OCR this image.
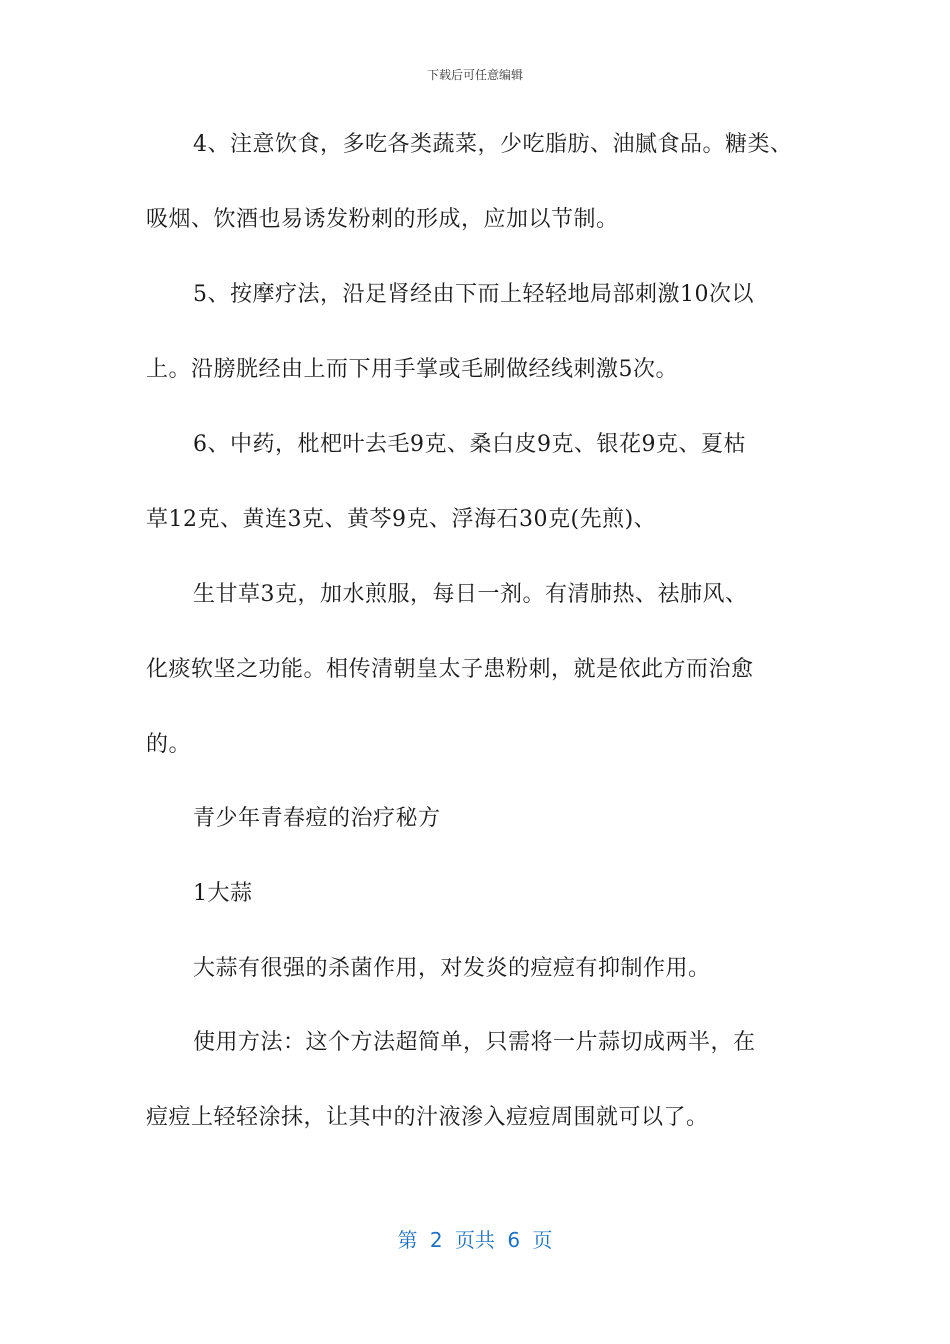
下载后可任意编辑
4、注意饮食，多吃各类蔬菜，少吃脂肪、油腻食品。糖类、
吸烟、饮酒也易诱发粉刺的形成，应加以节制。
5、按摩疗法，沿足肾经由下而上轻轻地局部刺激10次以
上。沿膀胱经由上而下用手掌或毛刷做经线刺激5次。
6、中药，枇杷叶去毛9克、桑白皮9克、银花9克、夏枯
草12克、黄连3克、黄芩9克、浮海石30克(先煎)、
生甘草3克，加水煎服，每日一剂。有清肺热、祛肺风、
化痰软坚之功能。相传清朝皇太子患粉刺，就是依此方而治愈
的。
青少年青春痘的治疗秘方
1大蒜
大蒜有很强的杀菌作用，对发炎的痘痘有抑制作用。
使用方法：这个方法超简单，只需将一片蒜切成两半，在
痘痘上轻轻涂抹，让其中的汁液渗入痘痘周围就可以了。
第 2 页共 6 页
